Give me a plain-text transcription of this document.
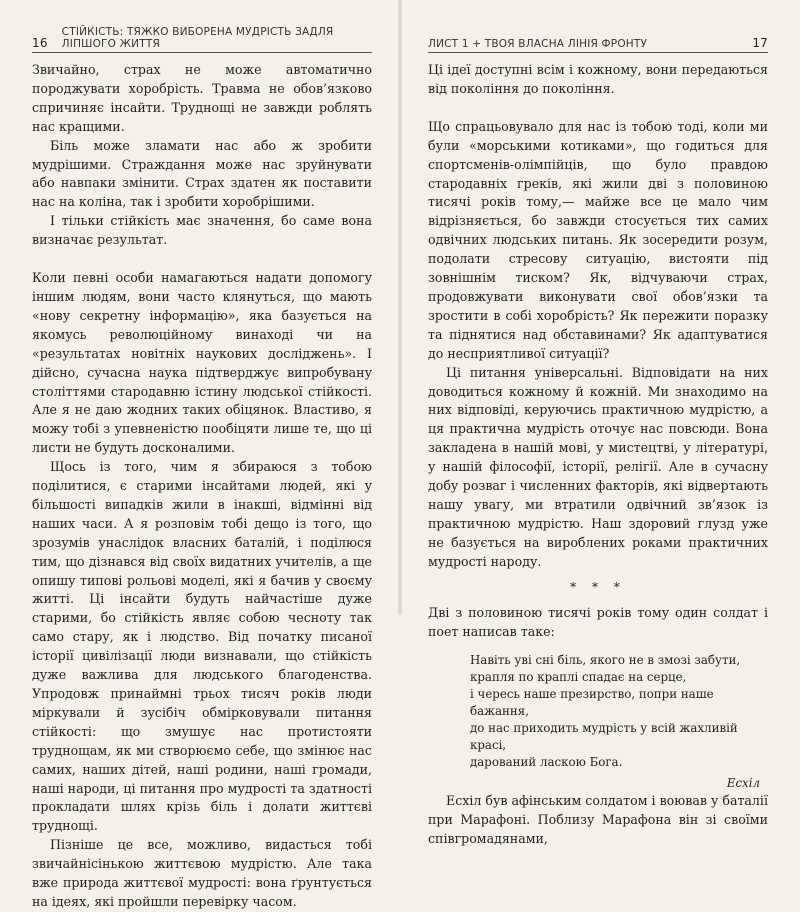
16
СТІЙКІСТЬ: ТЯЖКО ВИБОРЕНА МУДРІСТЬ ЗАДЛЯ ЛІПШОГО ЖИТТЯ

Звичайно, страх не може автоматично породжувати хоробрість. Травма не обов’язково спричиняє інсайти. Труднощі не завжди роблять нас кращими.

Біль може зламати нас або ж зробити мудрішими. Страждання може нас зруйнувати або навпаки змінити. Страх здатен як поставити нас на коліна, так і зробити хоробрішими.

І тільки стійкість має значення, бо саме вона визначає результат.

Коли певні особи намагаються надати допомогу іншим людям, вони часто клянуться, що мають «нову секретну інформацію», яка базується на якомусь революційному винаході чи на «результатах новітніх наукових досліджень». І дійсно, сучасна наука підтверджує випробувану століттями стародавню істину людської стійкості. Але я не даю жодних таких обіцянок. Властиво, я можу тобі з упевненістю пообіцяти лише те, що ці листи не будуть досконалими.

Щось із того, чим я збираюся з тобою поділитися, є старими інсайтами людей, які у більшості випадків жили в інакші, відмінні від наших часи. А я розповім тобі дещо із того, що зрозумів унаслідок власних баталій, і поділюся тим, що дізнався від своїх видатних учителів, а ще опишу типові рольові моделі, які я бачив у своєму житті. Ці інсайти будуть найчастіше дуже старими, бо стійкість являє собою чесноту так само стару, як і людство. Від початку писаної історії цивілізації люди визнавали, що стійкість дуже важлива для людського благоденства. Упродовж принаймні трьох тисяч років люди міркували й зусібіч обмірковували питання стійкості: що змушує нас протистояти труднощам, як ми створюємо себе, що змінює нас самих, наших дітей, наші родини, наші громади, наші народи, ці питання про мудрості та здатності прокладати шлях крізь біль і долати життєві труднощі.

Пізніше це все, можливо, видасться тобі звичайнісінькою життєвою мудрістю. Але така вже природа життєвої мудрості: вона ґрунтується на ідеях, які пройшли перевірку часом.

ЛИСТ 1 + ТВОЯ ВЛАСНА ЛІНІЯ ФРОНТУ	17

Ці ідеї доступні всім і кожному, вони передаються від покоління до покоління.

Що спрацьовувало для нас із тобою тоді, коли ми були «морськими котиками», що годиться для спортсменів-олімпійців, що було правдою стародавніх греків, які жили дві з половиною тисячі років тому,— майже все це мало чим відрізняється, бо завжди стосується тих самих одвічних людських питань. Як зосередити розум, подолати стресову ситуацію, вистояти під зовнішнім тиском? Як, відчуваючи страх, продовжувати виконувати свої обов’язки та зростити в собі хоробрість? Як пережити поразку та піднятися над обставинами? Як адаптуватися до несприятливої ситуації?

Ці питання універсальні. Відповідати на них доводиться кожному й кожній. Ми знаходимо на них відповіді, керуючись практичною мудрістю, а ця практична мудрість оточує нас повсюди. Вона закладена в нашій мові, у мистецтві, у літературі, у нашій філософії, історії, релігії. Але в сучасну добу розваг і численних факторів, які відвертають нашу увагу, ми втратили одвічний зв’язок із практичною мудрістю. Наш здоровий глузд уже не базується на вироблених роками практичних мудрості народу.

* * *

Дві з половиною тисячі років тому один солдат і поет написав таке:

Навіть уві сні біль, якого не в змозі забути,
крапля по краплі спадає на серце,
і чересь наше презирство, попри наше бажання,
до нас приходить мудрість у всій жахливій красі,
дарований ласкою Бога.
Есхіл

Есхіл був афінським солдатом і воював у баталії при Марафоні. Поблизу Марафона він зі своїми співгромадянами,
